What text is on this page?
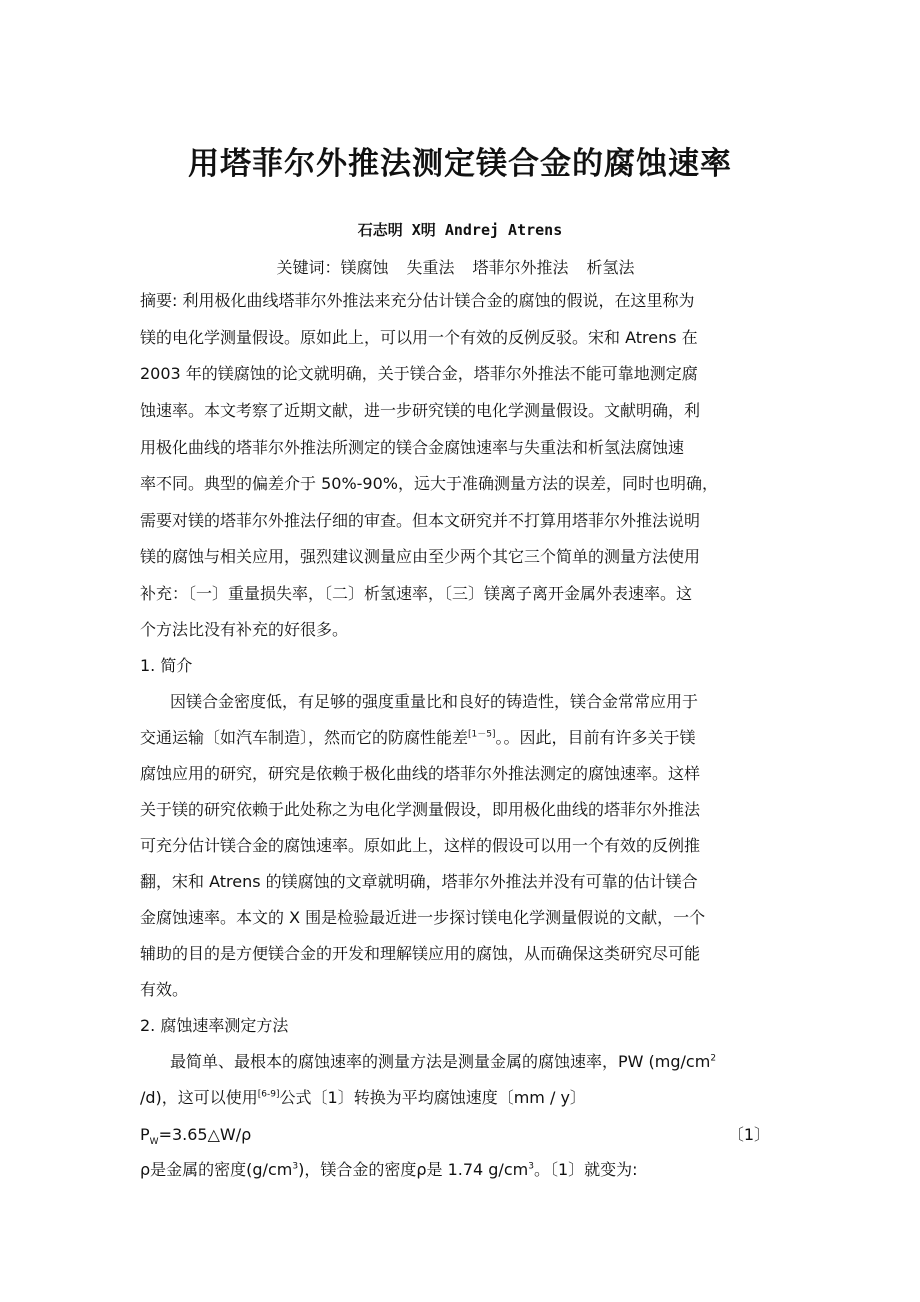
用塔菲尔外推法测定镁合金的腐蚀速率
石志明 X明 Andrej Atrens
关键词：镁腐蚀 失重法 塔菲尔外推法 析氢法
摘要: 利用极化曲线塔菲尔外推法来充分估计镁合金的腐蚀的假说，在这里称为
镁的电化学测量假设。原如此上，可以用一个有效的反例反驳。宋和 Atrens 在
2003 年的镁腐蚀的论文就明确，关于镁合金，塔菲尔外推法不能可靠地测定腐
蚀速率。本文考察了近期文献，进一步研究镁的电化学测量假设。文献明确，利
用极化曲线的塔菲尔外推法所测定的镁合金腐蚀速率与失重法和析氢法腐蚀速
率不同。典型的偏差介于 50%-90%，远大于准确测量方法的误差，同时也明确，
需要对镁的塔菲尔外推法仔细的审查。但本文研究并不打算用塔菲尔外推法说明
镁的腐蚀与相关应用，强烈建议测量应由至少两个其它三个简单的测量方法使用
补充：〔一〕重量损失率，〔二〕析氢速率，〔三〕镁离子离开金属外表速率。这
个方法比没有补充的好很多。
1. 简介
因镁合金密度低，有足够的强度重量比和良好的铸造性，镁合金常常应用于
交通运输〔如汽车制造〕，然而它的防腐性能差[1－5]。。因此，目前有许多关于镁
腐蚀应用的研究，研究是依赖于极化曲线的塔菲尔外推法测定的腐蚀速率。这样
关于镁的研究依赖于此处称之为电化学测量假设，即用极化曲线的塔菲尔外推法
可充分估计镁合金的腐蚀速率。原如此上，这样的假设可以用一个有效的反例推
翻，宋和 Atrens 的镁腐蚀的文章就明确，塔菲尔外推法并没有可靠的估计镁合
金腐蚀速率。本文的 X 围是检验最近进一步探讨镁电化学测量假说的文献，一个
辅助的目的是方便镁合金的开发和理解镁应用的腐蚀，从而确保这类研究尽可能
有效。
2. 腐蚀速率测定方法
最简单、最根本的腐蚀速率的测量方法是测量金属的腐蚀速率，PW ($mg/cm^2$
/d)，这可以使用[6-9]公式〔1〕转换为平均腐蚀速度〔mm / y〕
$P_W=3.65\triangle W/\rho$	〔1〕
ρ是金属的密度$(g/cm^3)$，镁合金的密度ρ是 1.74 $g/cm^3$。〔1〕就变为:
